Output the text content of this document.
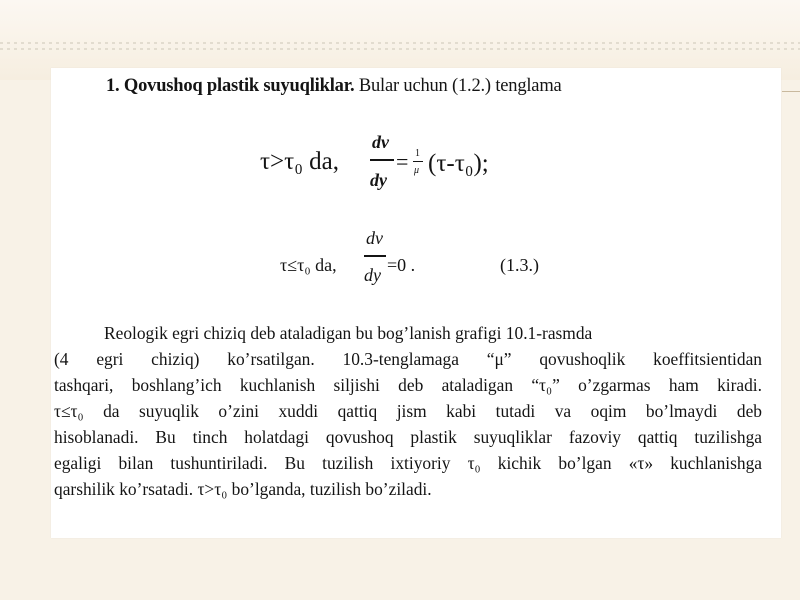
1. Qovushoq plastik suyuqliklar. Bular uchun (1.2.) tenglama
τ>τ₀ da,
dv
dy
= 1
μ (τ-τ₀);
τ≤τ₀ da,
dv
dy =0 .	(1.3.)
Reologik egri chiziq deb ataladigan bu bog’lanish grafigi 10.1-rasmda
(4 egri chiziq) ko’rsatilgan. 10.3-tenglamaga “μ” qovushoqlik koeffitsientidan
tashqari, boshlang’ich kuchlanish siljishi deb ataladigan “τ₀” o’zgarmas ham kiradi.
τ≤τ₀ da suyuqlik o’zini xuddi qattiq jism kabi tutadi va oqim bo’lmaydi deb
hisoblanadi. Bu tinch holatdagi qovushoq plastik suyuqliklar fazoviy qattiq tuzilishga
egaligi bilan tushuntiriladi. Bu tuzilish ixtiyoriy τ₀ kichik bo’lgan «τ» kuchlanishga
qarshilik ko’rsatadi. τ>τ₀ bo’lganda, tuzilish bo’ziladi.
